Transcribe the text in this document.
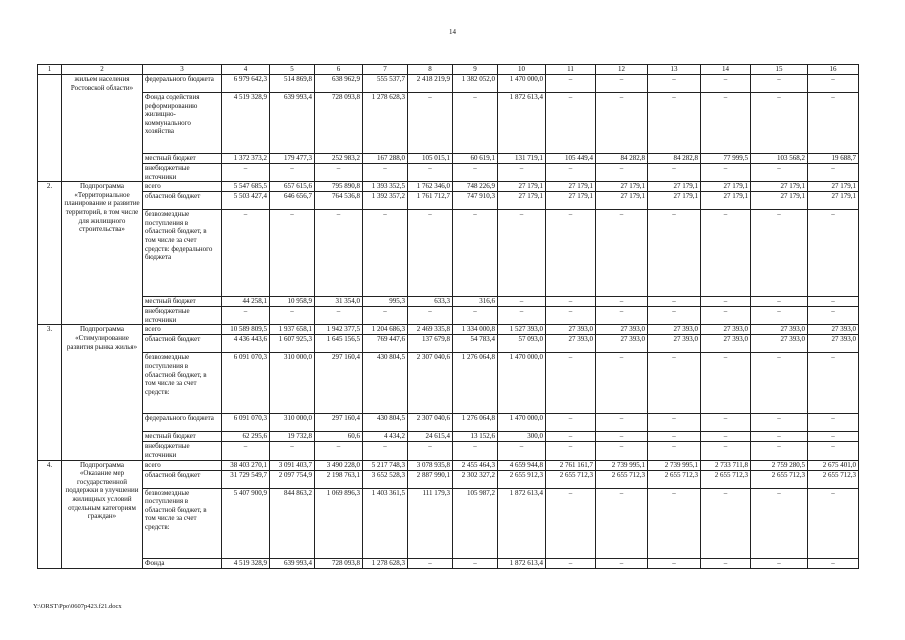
14
1	2	3	4	5	6	7	8	9	10	11	12	13	14	15	16
	жильем населения Ростовской области»	федерального бюджета	6 979 642,3	514 869,8	638 962,9	555 537,7	2 418 219,9	1 382 052,0	1 470 000,0	–	–	–	–	–	–
		Фонда содействия реформированию жилищно-коммунального хозяйства	4 519 328,9	639 993,4	728 093,8	1 278 628,3	–	–	1 872 613,4	–	–	–	–	–	–
		местный бюджет	1 372 373,2	179 477,3	252 983,2	167 288,0	105 015,1	60 619,1	131 719,1	105 449,4	84 282,8	84 282,8	77 999,5	103 568,2	19 688,7
		внебюджетные источники	–	–	–	–	–	–	–	–	–	–	–	–	–
2.	Подпрограмма «Территориальное планирование и развитие территорий, в том числе для жилищного строительства»	всего	5 547 685,5	657 615,6	795 890,8	1 393 352,5	1 762 346,0	748 226,9	27 179,1	27 179,1	27 179,1	27 179,1	27 179,1	27 179,1	27 179,1
		областной бюджет	5 503 427,4	646 656,7	764 536,8	1 392 357,2	1 761 712,7	747 910,3	27 179,1	27 179,1	27 179,1	27 179,1	27 179,1	27 179,1	27 179,1
		безвозмездные поступления в областной бюджет, в том числе за счет средств: федерального бюджета	–	–	–	–	–	–	–	–	–	–	–	–	–
		местный бюджет	44 258,1	10 958,9	31 354,0	995,3	633,3	316,6	–	–	–	–	–	–	–
		внебюджетные источники	–	–	–	–	–	–	–	–	–	–	–	–	–
3.	Подпрограмма «Стимулирование развития рынка жилья»	всего	10 589 809,5	1 937 658,1	1 942 377,5	1 204 686,3	2 469 335,8	1 334 000,8	1 527 393,0	27 393,0	27 393,0	27 393,0	27 393,0	27 393,0	27 393,0
		областной бюджет	4 436 443,6	1 607 925,3	1 645 156,5	769 447,6	137 679,8	54 783,4	57 093,0	27 393,0	27 393,0	27 393,0	27 393,0	27 393,0	27 393,0
		безвозмездные поступления в областной бюджет, в том числе за счет средств:	6 091 070,3	310 000,0	297 160,4	430 804,5	2 307 040,6	1 276 064,8	1 470 000,0	–	–	–	–	–	–
		федерального бюджета	6 091 070,3	310 000,0	297 160,4	430 804,5	2 307 040,6	1 276 064,8	1 470 000,0	–	–	–	–	–	–
		местный бюджет	62 295,6	19 732,8	60,6	4 434,2	24 615,4	13 152,6	300,0	–	–	–	–	–	–
		внебюджетные источники	–	–	–	–	–	–	–	–	–	–	–	–	–
4.	Подпрограмма «Оказание мер государственной поддержки в улучшении жилищных условий отдельным категориям граждан»	всего	38 403 270,1	3 091 403,7	3 490 228,0	5 217 748,3	3 078 935,8	2 455 464,3	4 659 944,8	2 761 161,7	2 739 995,1	2 739 995,1	2 733 711,8	2 759 280,5	2 675 401,0
		областной бюджет	31 729 549,7	2 097 754,9	2 198 763,1	3 652 528,3	2 887 990,1	2 302 327,2	2 655 912,3	2 655 712,3	2 655 712,3	2 655 712,3	2 655 712,3	2 655 712,3	2 655 712,3
		безвозмездные поступления в областной бюджет, в том числе за счет средств:	5 407 900,9	844 863,2	1 069 896,3	1 403 361,5	111 179,3	105 987,2	1 872 613,4	–	–	–	–	–	–
		Фонда	4 519 328,9	639 993,4	728 093,8	1 278 628,3	–	–	1 872 613,4	–	–	–	–	–	–
Y:\ORST\Ppo\0607p423.f21.docx
